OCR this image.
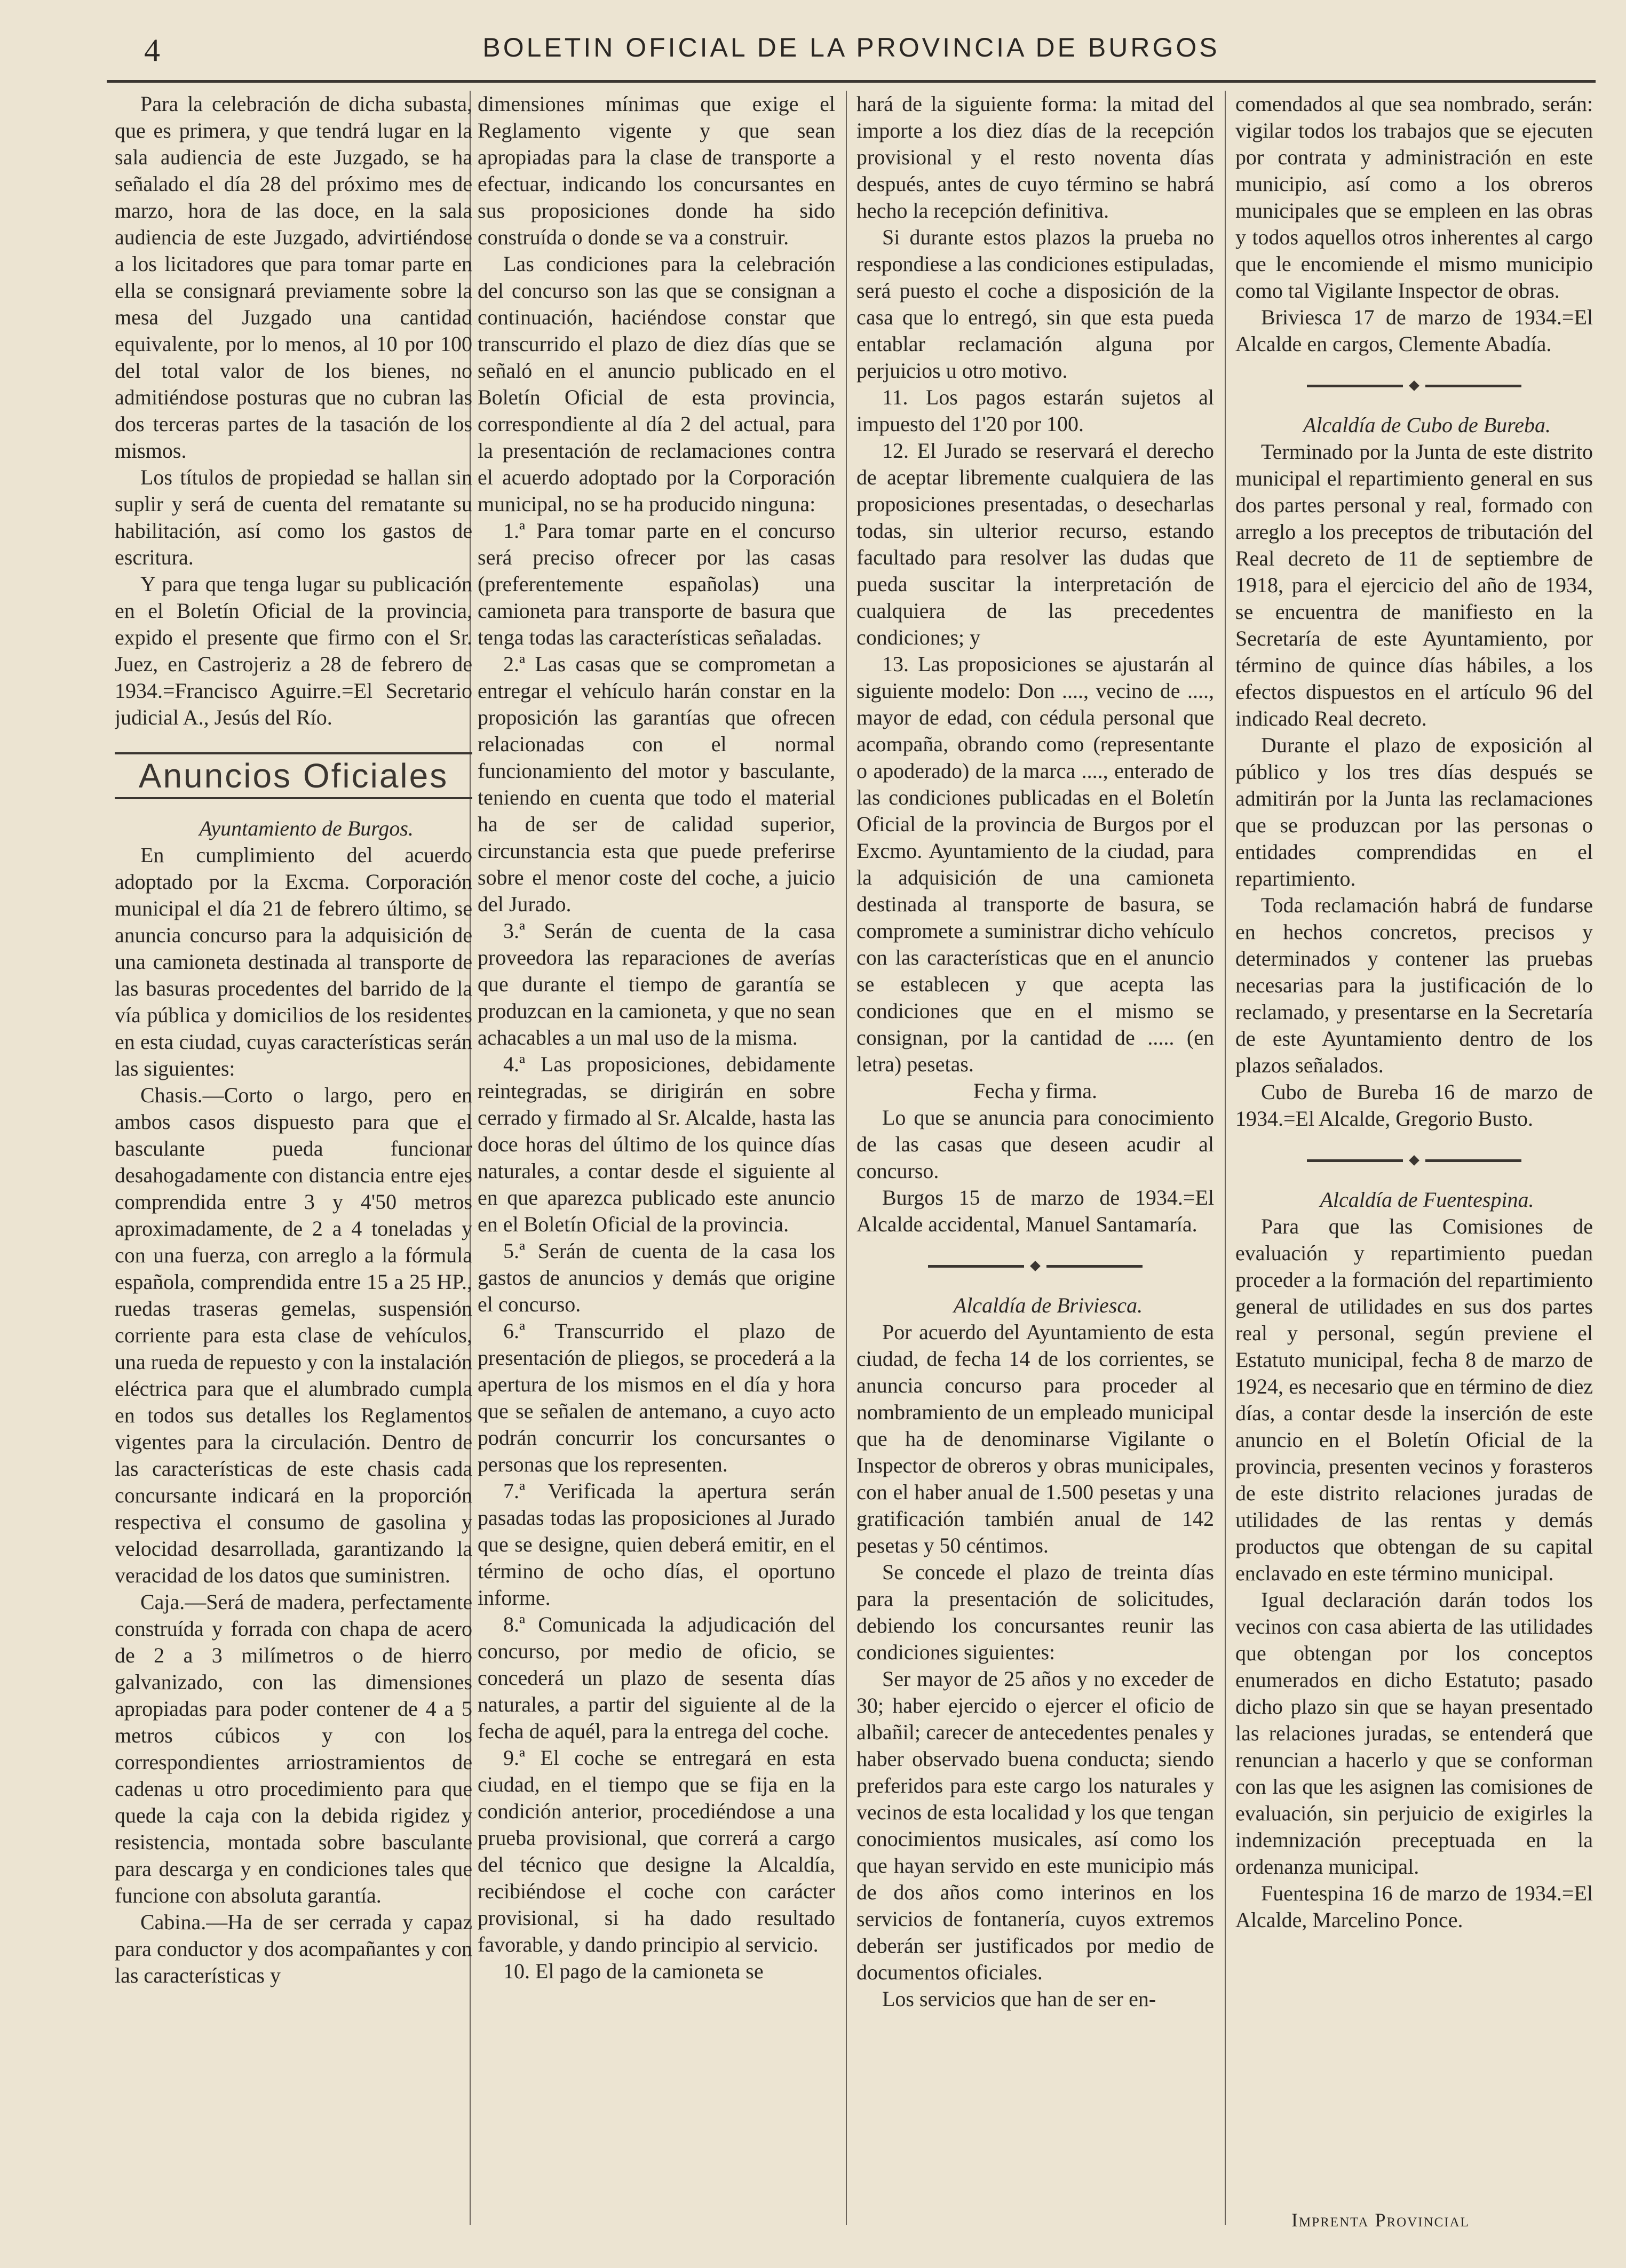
4	BOLETIN OFICIAL DE LA PROVINCIA DE BURGOS

Para la celebración de dicha subasta, que es primera, y que tendrá lugar en la sala audiencia de este Juzgado, se ha señalado el día 28 del próximo mes de marzo, hora de las doce, en la sala audiencia de este Juzgado, advirtiéndose a los licitadores que para tomar parte en ella se consignará previamente sobre la mesa del Juzgado una cantidad equivalente, por lo menos, al 10 por 100 del total valor de los bienes, no admitiéndose posturas que no cubran las dos terceras partes de la tasación de los mismos.

Los títulos de propiedad se hallan sin suplir y será de cuenta del rematante su habilitación, así como los gastos de escritura.

Y para que tenga lugar su publicación en el Boletín Oficial de la provincia, expido el presente que firmo con el Sr. Juez, en Castrojeriz a 28 de febrero de 1934.=Francisco Aguirre.=El Secretario judicial A., Jesús del Río.

Anuncios Oficiales

Ayuntamiento de Burgos.

En cumplimiento del acuerdo adoptado por la Excma. Corporación municipal el día 21 de febrero último, se anuncia concurso para la adquisición de una camioneta destinada al transporte de las basuras procedentes del barrido de la vía pública y domicilios de los residentes en esta ciudad, cuyas características serán las siguientes:

Chasis.—Corto o largo, pero en ambos casos dispuesto para que el basculante pueda funcionar desahogadamente con distancia entre ejes comprendida entre 3 y 4'50 metros aproximadamente, de 2 a 4 toneladas y con una fuerza, con arreglo a la fórmula española, comprendida entre 15 a 25 HP., ruedas traseras gemelas, suspensión corriente para esta clase de vehículos, una rueda de repuesto y con la instalación eléctrica para que el alumbrado cumpla en todos sus detalles los Reglamentos vigentes para la circulación. Dentro de las características de este chasis cada concursante indicará en la proporción respectiva el consumo de gasolina y velocidad desarrollada, garantizando la veracidad de los datos que suministren.

Caja.—Será de madera, perfectamente construída y forrada con chapa de acero de 2 a 3 milímetros o de hierro galvanizado, con las dimensiones apropiadas para poder contener de 4 a 5 metros cúbicos y con los correspondientes arriostramientos de cadenas u otro procedimiento para que quede la caja con la debida rigidez y resistencia, montada sobre basculante para descarga y en condiciones tales que funcione con absoluta garantía.

Cabina.—Ha de ser cerrada y capaz para conductor y dos acompañantes y con las características y

dimensiones mínimas que exige el Reglamento vigente y que sean apropiadas para la clase de transporte a efectuar, indicando los concursantes en sus proposiciones donde ha sido construída o donde se va a construir.

Las condiciones para la celebración del concurso son las que se consignan a continuación, haciéndose constar que transcurrido el plazo de diez días que se señaló en el anuncio publicado en el Boletín Oficial de esta provincia, correspondiente al día 2 del actual, para la presentación de reclamaciones contra el acuerdo adoptado por la Corporación municipal, no se ha producido ninguna:

1.ª Para tomar parte en el concurso será preciso ofrecer por las casas (preferentemente españolas) una camioneta para transporte de basura que tenga todas las características señaladas.

2.ª Las casas que se comprometan a entregar el vehículo harán constar en la proposición las garantías que ofrecen relacionadas con el normal funcionamiento del motor y basculante, teniendo en cuenta que todo el material ha de ser de calidad superior, circunstancia esta que puede preferirse sobre el menor coste del coche, a juicio del Jurado.

3.ª Serán de cuenta de la casa proveedora las reparaciones de averías que durante el tiempo de garantía se produzcan en la camioneta, y que no sean achacables a un mal uso de la misma.

4.ª Las proposiciones, debidamente reintegradas, se dirigirán en sobre cerrado y firmado al Sr. Alcalde, hasta las doce horas del último de los quince días naturales, a contar desde el siguiente al en que aparezca publicado este anuncio en el Boletín Oficial de la provincia.

5.ª Serán de cuenta de la casa los gastos de anuncios y demás que origine el concurso.

6.ª Transcurrido el plazo de presentación de pliegos, se procederá a la apertura de los mismos en el día y hora que se señalen de antemano, a cuyo acto podrán concurrir los concursantes o personas que los representen.

7.ª Verificada la apertura serán pasadas todas las proposiciones al Jurado que se designe, quien deberá emitir, en el término de ocho días, el oportuno informe.

8.ª Comunicada la adjudicación del concurso, por medio de oficio, se concederá un plazo de sesenta días naturales, a partir del siguiente al de la fecha de aquél, para la entrega del coche.

9.ª El coche se entregará en esta ciudad, en el tiempo que se fija en la condición anterior, procediéndose a una prueba provisional, que correrá a cargo del técnico que designe la Alcaldía, recibiéndose el coche con carácter provisional, si ha dado resultado favorable, y dando principio al servicio.

10. El pago de la camioneta se

hará de la siguiente forma: la mitad del importe a los diez días de la recepción provisional y el resto noventa días después, antes de cuyo término se habrá hecho la recepción definitiva.

Si durante estos plazos la prueba no respondiese a las condiciones estipuladas, será puesto el coche a disposición de la casa que lo entregó, sin que esta pueda entablar reclamación alguna por perjuicios u otro motivo.

11. Los pagos estarán sujetos al impuesto del 1'20 por 100.

12. El Jurado se reservará el derecho de aceptar libremente cualquiera de las proposiciones presentadas, o desecharlas todas, sin ulterior recurso, estando facultado para resolver las dudas que pueda suscitar la interpretación de cualquiera de las precedentes condiciones; y

13. Las proposiciones se ajustarán al siguiente modelo: Don ...., vecino de ...., mayor de edad, con cédula personal que acompaña, obrando como (representante o apoderado) de la marca ...., enterado de las condiciones publicadas en el Boletín Oficial de la provincia de Burgos por el Excmo. Ayuntamiento de la ciudad, para la adquisición de una camioneta destinada al transporte de basura, se compromete a suministrar dicho vehículo con las características que en el anuncio se establecen y que acepta las condiciones que en el mismo se consignan, por la cantidad de ..... (en letra) pesetas.

Fecha y firma.

Lo que se anuncia para conocimiento de las casas que deseen acudir al concurso.

Burgos 15 de marzo de 1934.=El Alcalde accidental, Manuel Santamaría.

Alcaldía de Briviesca.

Por acuerdo del Ayuntamiento de esta ciudad, de fecha 14 de los corrientes, se anuncia concurso para proceder al nombramiento de un empleado municipal que ha de denominarse Vigilante o Inspector de obreros y obras municipales, con el haber anual de 1.500 pesetas y una gratificación también anual de 142 pesetas y 50 céntimos.

Se concede el plazo de treinta días para la presentación de solicitudes, debiendo los concursantes reunir las condiciones siguientes:

Ser mayor de 25 años y no exceder de 30; haber ejercido o ejercer el oficio de albañil; carecer de antecedentes penales y haber observado buena conducta; siendo preferidos para este cargo los naturales y vecinos de esta localidad y los que tengan conocimientos musicales, así como los que hayan servido en este municipio más de dos años como interinos en los servicios de fontanería, cuyos extremos deberán ser justificados por medio de documentos oficiales.

Los servicios que han de ser en-

comendados al que sea nombrado, serán: vigilar todos los trabajos que se ejecuten por contrata y administración en este municipio, así como a los obreros municipales que se empleen en las obras y todos aquellos otros inherentes al cargo que le encomiende el mismo municipio como tal Vigilante Inspector de obras.

Briviesca 17 de marzo de 1934.=El Alcalde en cargos, Clemente Abadía.

Alcaldía de Cubo de Bureba.

Terminado por la Junta de este distrito municipal el repartimiento general en sus dos partes personal y real, formado con arreglo a los preceptos de tributación del Real decreto de 11 de septiembre de 1918, para el ejercicio del año de 1934, se encuentra de manifiesto en la Secretaría de este Ayuntamiento, por término de quince días hábiles, a los efectos dispuestos en el artículo 96 del indicado Real decreto.

Durante el plazo de exposición al público y los tres días después se admitirán por la Junta las reclamaciones que se produzcan por las personas o entidades comprendidas en el repartimiento.

Toda reclamación habrá de fundarse en hechos concretos, precisos y determinados y contener las pruebas necesarias para la justificación de lo reclamado, y presentarse en la Secretaría de este Ayuntamiento dentro de los plazos señalados.

Cubo de Bureba 16 de marzo de 1934.=El Alcalde, Gregorio Busto.

Alcaldía de Fuentespina.

Para que las Comisiones de evaluación y repartimiento puedan proceder a la formación del repartimiento general de utilidades en sus dos partes real y personal, según previene el Estatuto municipal, fecha 8 de marzo de 1924, es necesario que en término de diez días, a contar desde la inserción de este anuncio en el Boletín Oficial de la provincia, presenten vecinos y forasteros de este distrito relaciones juradas de utilidades de las rentas y demás productos que obtengan de su capital enclavado en este término municipal.

Igual declaración darán todos los vecinos con casa abierta de las utilidades que obtengan por los conceptos enumerados en dicho Estatuto; pasado dicho plazo sin que se hayan presentado las relaciones juradas, se entenderá que renuncian a hacerlo y que se conforman con las que les asignen las comisiones de evaluación, sin perjuicio de exigirles la indemnización preceptuada en la ordenanza municipal.

Fuentespina 16 de marzo de 1934.=El Alcalde, Marcelino Ponce.

Imprenta Provincial
